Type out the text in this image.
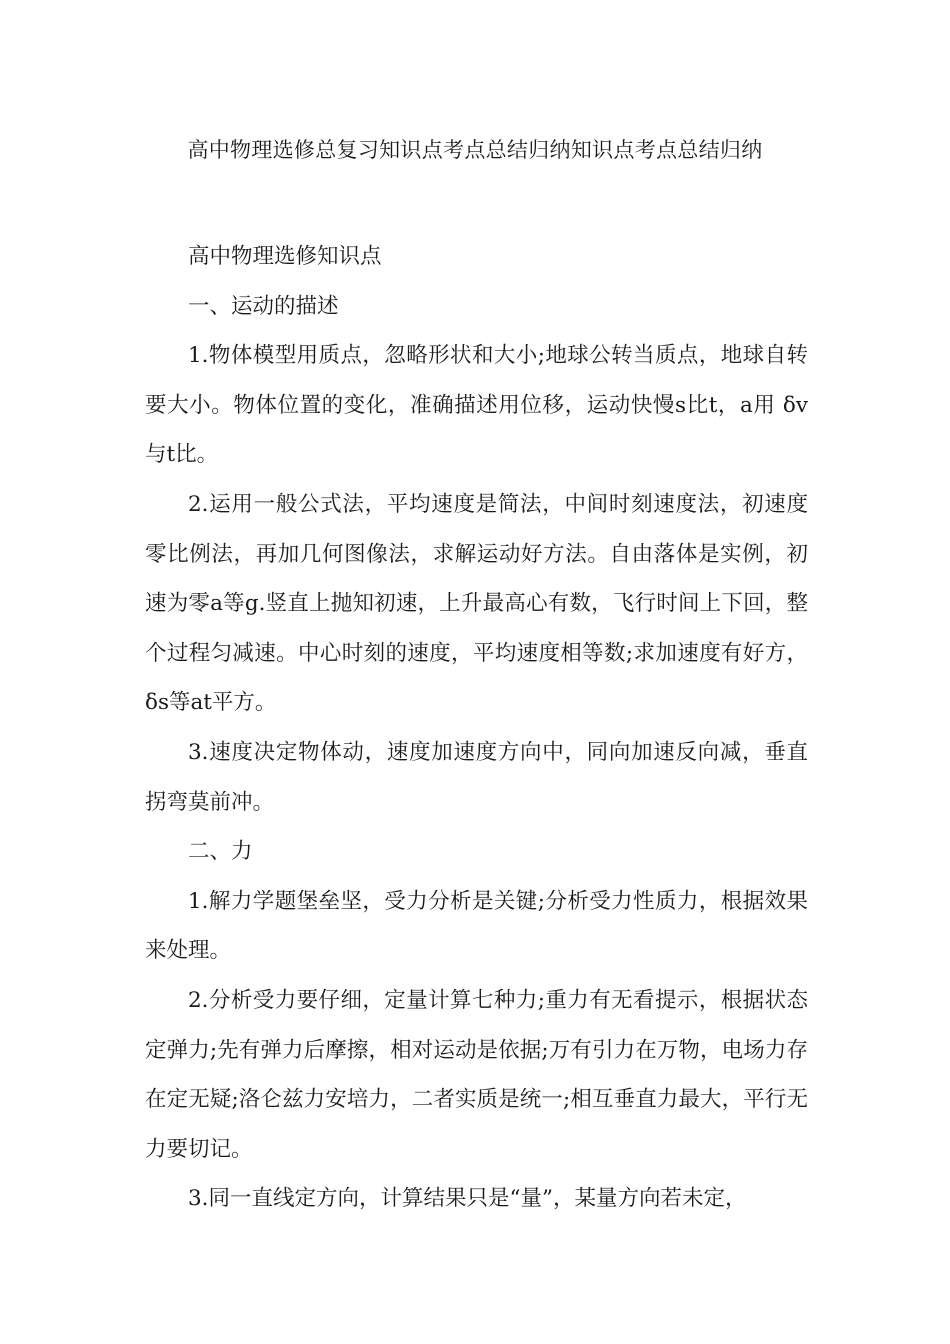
高中物理选修总复习知识点考点总结归纳知识点考点总结归纳

高中物理选修知识点

一、运动的描述

1.物体模型用质点，忽略形状和大小;地球公转当质点，地球自转要大小。物体位置的变化，准确描述用位移，运动快慢s比t，a用 δv与t比。

2.运用一般公式法，平均速度是简法，中间时刻速度法，初速度零比例法，再加几何图像法，求解运动好方法。自由落体是实例，初速为零a等g.竖直上抛知初速，上升最高心有数，飞行时间上下回，整个过程匀减速。中心时刻的速度，平均速度相等数;求加速度有好方，δs等at平方。

3.速度决定物体动，速度加速度方向中，同向加速反向减，垂直拐弯莫前冲。

二、力

1.解力学题堡垒坚，受力分析是关键;分析受力性质力，根据效果来处理。

2.分析受力要仔细，定量计算七种力;重力有无看提示，根据状态定弹力;先有弹力后摩擦，相对运动是依据;万有引力在万物，电场力存在定无疑;洛仑兹力安培力，二者实质是统一;相互垂直力最大，平行无力要切记。

3.同一直线定方向，计算结果只是“量”，某量方向若未定，
